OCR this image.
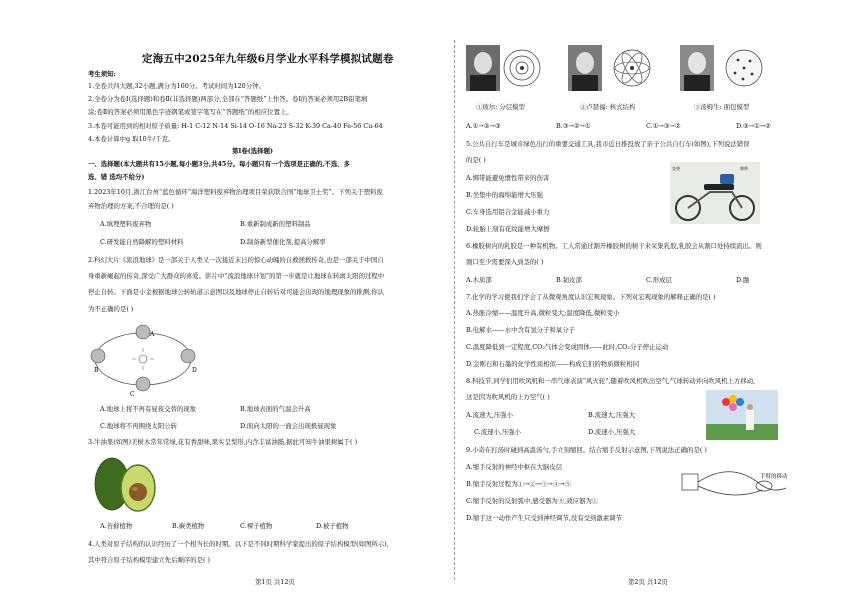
定海五中2025年九年级6月学业水平科学模拟试题卷
考生须知:
1.全卷共四大题,32小题,满分为160分。考试时间为120分钟。
2.全卷分为卷Ⅰ(选择题)和卷Ⅱ(非选择题)两部分,全部在“答题纸”上作答。卷Ⅰ的答案必须用2B铅笔填
涂;卷Ⅱ的答案必须用黑色字迹钢笔或签字笔写在“答题纸”的相应位置上。
3.本卷可能用到的相对原子质量: H-1 C-12 N-14 Si-14 O-16 Na-23 S-32 K-39 Ca-40 Fe-56 Cu-64
4.本卷计算中g 取10牛/千克。
第Ⅰ卷(选择题)
一、选择题(本大题共有15小题,每小题3分,共45分。每小题只有一个选项是正确的,不选、多
选、错 选均不给分)
1.2023年10月,浙江台州“蓝色循环”海洋塑料废弃物治理项目荣获联合国“地球卫士奖”。下列关于塑料废
弃物治理的方案,不合理的是( )
A.填埋塑料废弃物	B.重新制成新的塑料制品
C.研发能自然降解的塑料材料	D.制备新型催化剂,提高分解率
2.科幻大片《流浪地球》是一部关于人类又一次接近末日的惊心动魄的自救拯救传奇,也是一部关于中国自
身重新崛起的传奇,深受广大群众的喜爱。影片中“流浪地球计划”的第一步就是让地球在转离太阳的过程中
停止自转。下面是小金根据地球公转轨道示意图以及地球停止自转后对可能会出现的地理现象的推测,你认
为不正确的是( )
A
B
C
D
A.地球上将不再有昼夜交替的现象	B.地球表面的气温会升高
C.地球将不再围绕太阳公转	D.面向太阳的一面会出现极昼现象
3.牛油果(如图)美树木常年常绿,花有香甜味,果实呈梨形,内含丰富油脂,据此可知牛油果树属于( )
A.苔藓植物	B.蕨类植物	C.裸子植物	D.被子植物
4.人类对原子结构的认识经历了一个相当长的时期。以下是不同时期科学家提出的原子结构模型(如图所示),
其中符合原子结构模型建立先后顺序的是( )
第1页 共12页
①玻尔: 分层模型	②卢瑟福: 核式结构	③汤姆生: 面包模型
A.①→②→③	B.③→②→①	C.①→③→②	D.③→①→②
5.公共自行车是城市绿色出行的重要交通工具,我市近日推投放了亲子公共自行车(如图),下列说法错误
的是( )
A.绑带能避免惯性带来的伤害
B.坐垫中的海绵能增大压强
C.车身选用铝合金能减小重力
D.轮胎上刻有花纹能增大摩擦
坐垫	绑带
6.橡胶树内的乳胶是一种有机物。工人常通过割开橡胶树的树干来采集乳胶,乳胶会从割口处持续流出。则
割口至少需要深入到茎的( )
A.木质部	B.韧皮部	C.形成层	D.髓
7.化学的学习使我们学会了从微观角度认识宏观现象。下列对宏观现象的解释正确的是( )
A.热胀冷缩——温度升高,微粒变大;温度降低,微粒变小
B.电解水——水中含有氢分子和氧分子
C.温度降低到一定程度,CO₂气体会变成固体——此时,CO₂分子停止运动
D.金刚石和石墨的化学性质相似——构成它们的物质微粒相同
8.科技节,同学们用吹风机和一串气球表演“风火轮”,随着吹风机吹出空气,气球转动并向吹风机上方移动,
这是因为吹风机的上方空气( )
A.流速大,压强小	B.流速大,压强大
C.流速小,压强小	D.流速小,压强大
9.小奇在打汤时碰到高温汤勺,手立刻缩回。结合缩手反射示意图,下列说法正确的是( )
A.缩手反射的神经中枢在大脑皮层
B.缩手反射过程为①→②→③→④→⑤
C.缩手反射的反射弧中,感受器为⑤,效应器为①
D.缩手这一动作产生只受到神经调节,没有受到激素调节
手臂的移动
第2页 共12页
